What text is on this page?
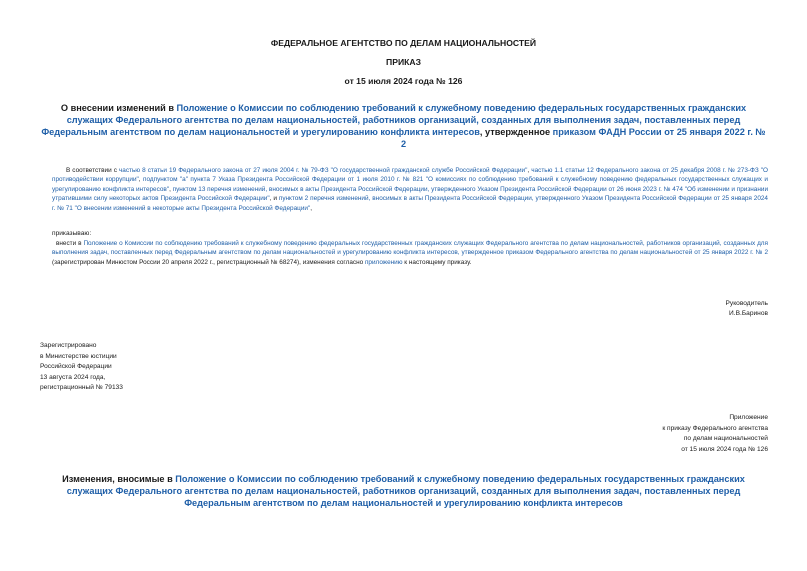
ФЕДЕРАЛЬНОЕ АГЕНТСТВО ПО ДЕЛАМ НАЦИОНАЛЬНОСТЕЙ
ПРИКАЗ
от 15 июля 2024 года № 126
О внесении изменений в Положение о Комиссии по соблюдению требований к служебному поведению федеральных государственных гражданских служащих Федерального агентства по делам национальностей, работников организаций, созданных для выполнения задач, поставленных перед Федеральным агентством по делам национальностей и урегулированию конфликта интересов, утвержденное приказом ФАДН России от 25 января 2022 г. № 2
В соответствии с частью 8 статьи 19 Федерального закона от 27 июля 2004 г. № 79-ФЗ "О государственной гражданской службе Российской Федерации", частью 1.1 статьи 12 Федерального закона от 25 декабря 2008 г. № 273-ФЗ "О противодействии коррупции", подпунктом "а" пункта 7 Указа Президента Российской Федерации от 1 июля 2010 г. № 821 "О комиссиях по соблюдению требований к служебному поведению федеральных государственных служащих и урегулированию конфликта интересов", пунктом 13 перечня изменений, вносимых в акты Президента Российской Федерации, утвержденного Указом Президента Российской Федерации от 26 июня 2023 г. № 474 "Об изменении и признании утратившими силу некоторых актов Президента Российской Федерации", и пунктом 2 перечня изменений, вносимых в акты Президента Российской Федерации, утвержденного Указом Президента Российской Федерации от 25 января 2024 г. № 71 "О внесении изменений в некоторые акты Президента Российской Федерации",
приказываю:
внести в Положение о Комиссии по соблюдению требований к служебному поведению федеральных государственных гражданских служащих Федерального агентства по делам национальностей, работников организаций, созданных для выполнения задач, поставленных перед Федеральным агентством по делам национальностей и урегулированию конфликта интересов, утвержденное приказом Федерального агентства по делам национальностей от 25 января 2022 г. № 2 (зарегистрирован Минюстом России 20 апреля 2022 г., регистрационный № 68274), изменения согласно приложению к настоящему приказу.
Руководитель
И.В.Баринов
Зарегистрировано
в Министерстве юстиции
Российской Федерации
13 августа 2024 года,
регистрационный № 79133
Приложение
к приказу Федерального агентства
по делам национальностей
от 15 июля 2024 года № 126
Изменения, вносимые в Положение о Комиссии по соблюдению требований к служебному поведению федеральных государственных гражданских служащих Федерального агентства по делам национальностей, работников организаций, созданных для выполнения задач, поставленных перед Федеральным агентством по делам национальностей и урегулированию конфликта интересов
